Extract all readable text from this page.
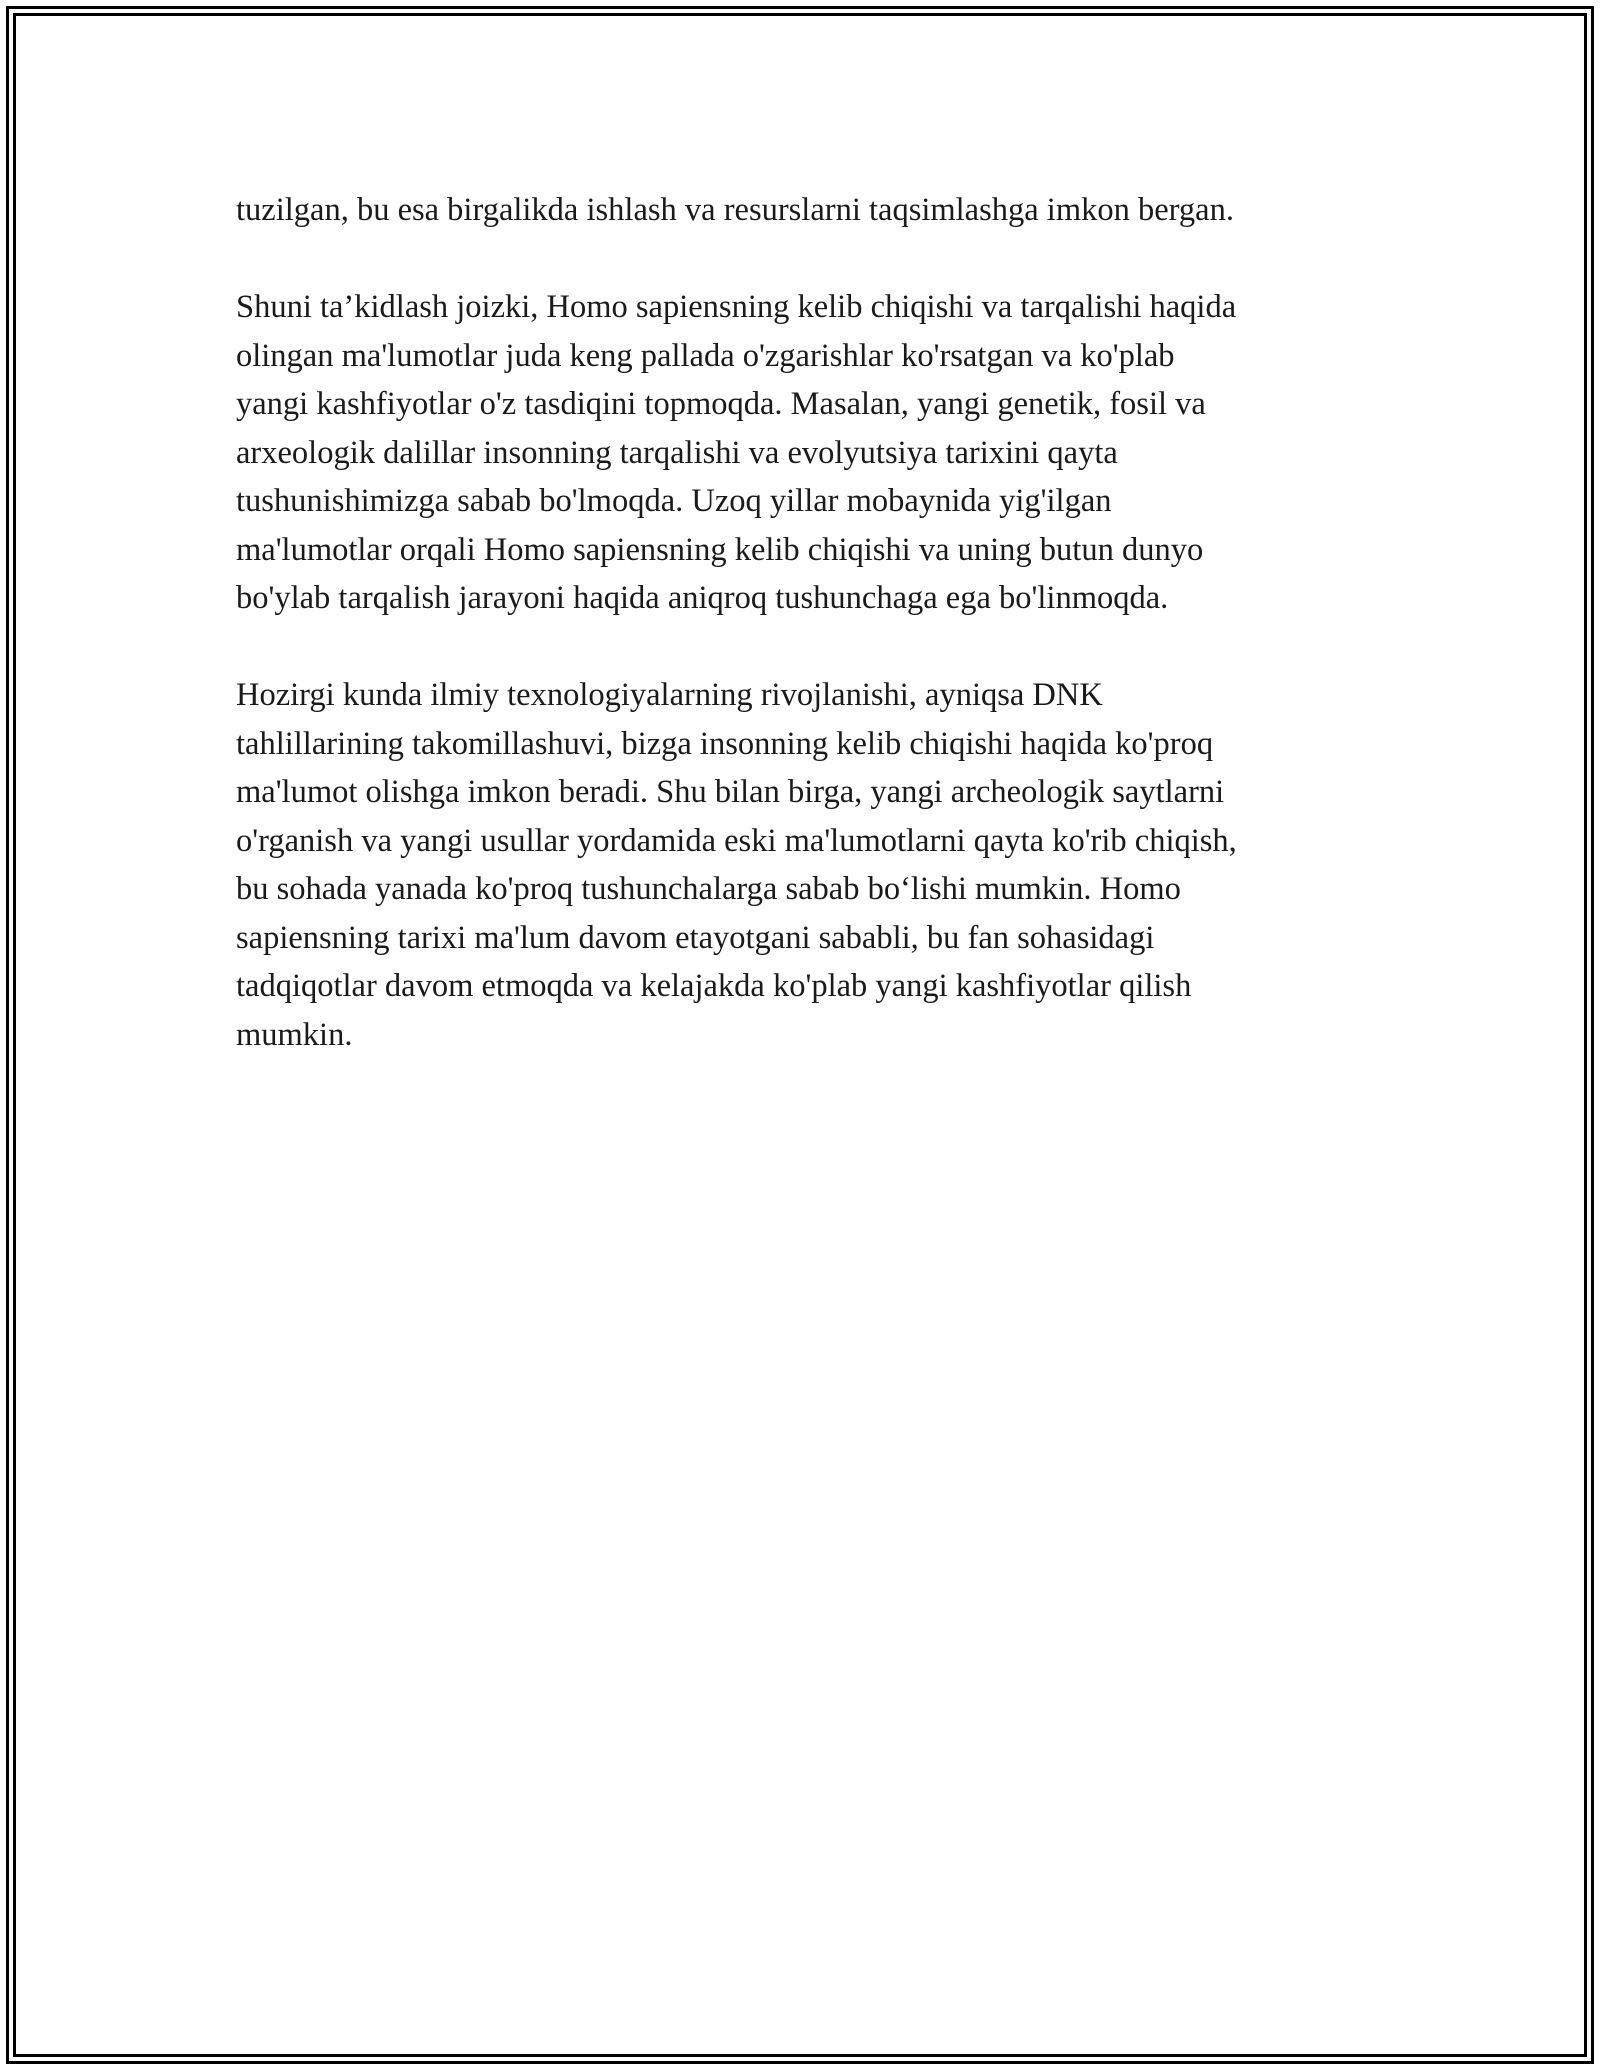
tuzilgan, bu esa birgalikda ishlash va resurslarni taqsimlashga imkon bergan.

Shuni ta’kidlash joizki, Homo sapiensning kelib chiqishi va tarqalishi haqida
olingan ma'lumotlar juda keng pallada o'zgarishlar ko'rsatgan va ko'plab
yangi kashfiyotlar o'z tasdiqini topmoqda. Masalan, yangi genetik, fosil va
arxeologik dalillar insonning tarqalishi va evolyutsiya tarixini qayta
tushunishimizga sabab bo'lmoqda. Uzoq yillar mobaynida yig'ilgan
ma'lumotlar orqali Homo sapiensning kelib chiqishi va uning butun dunyo
bo'ylab tarqalish jarayoni haqida aniqroq tushunchaga ega bo'linmoqda.

Hozirgi kunda ilmiy texnologiyalarning rivojlanishi, ayniqsa DNK
tahlillarining takomillashuvi, bizga insonning kelib chiqishi haqida ko'proq
ma'lumot olishga imkon beradi. Shu bilan birga, yangi archeologik saytlarni
o'rganish va yangi usullar yordamida eski ma'lumotlarni qayta ko'rib chiqish,
bu sohada yanada ko'proq tushunchalarga sabab bo‘lishi mumkin. Homo
sapiensning tarixi ma'lum davom etayotgani sababli, bu fan sohasidagi
tadqiqotlar davom etmoqda va kelajakda ko'plab yangi kashfiyotlar qilish
mumkin.
